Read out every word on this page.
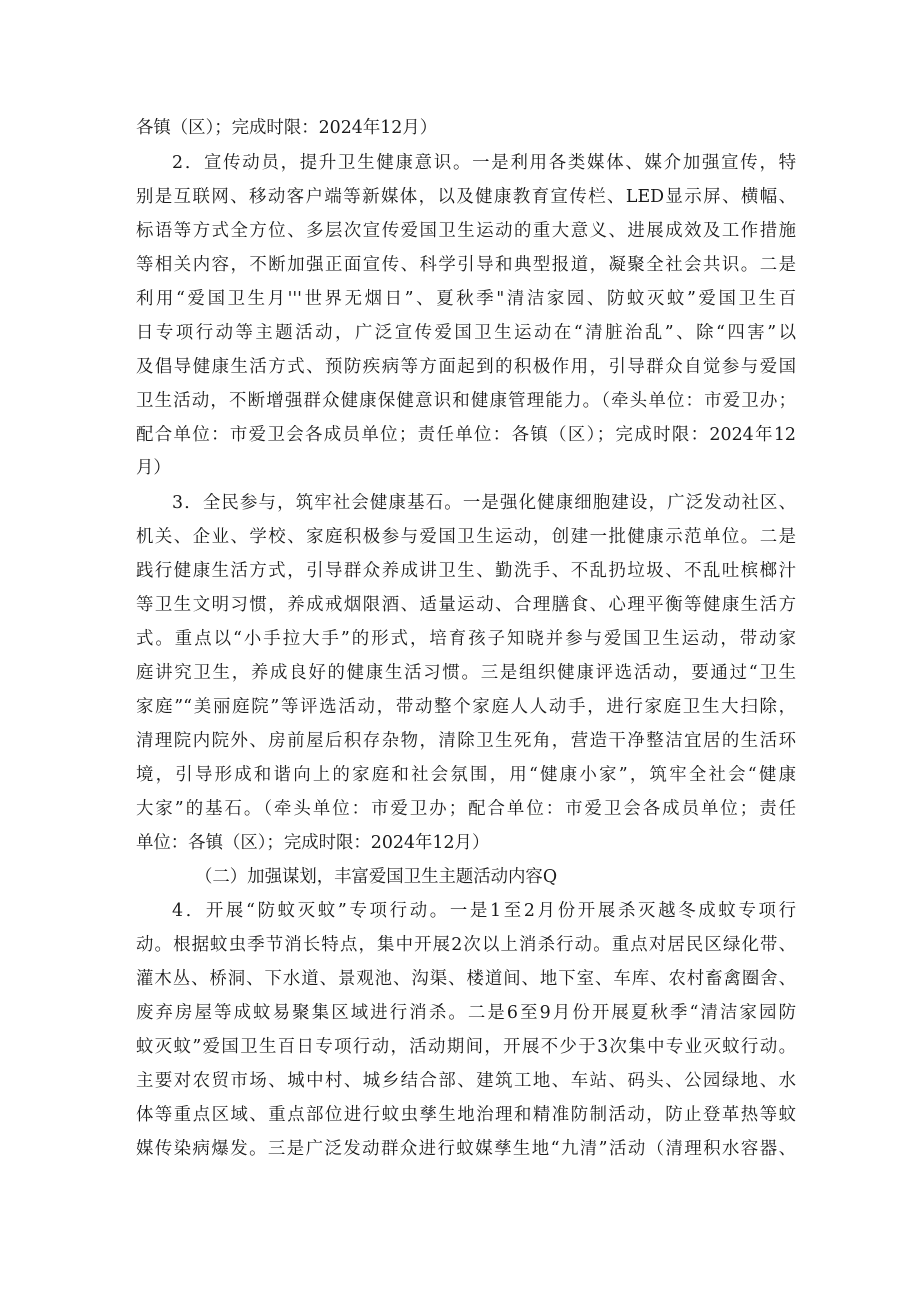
各镇（区）；完成时限：2024年12月）
2．宣传动员，提升卫生健康意识。一是利用各类媒体、媒介加强宣传，特
别是互联网、移动客户端等新媒体，以及健康教育宣传栏、LED显示屏、横幅、
标语等方式全方位、多层次宣传爱国卫生运动的重大意义、进展成效及工作措施
等相关内容，不断加强正面宣传、科学引导和典型报道，凝聚全社会共识。二是
利用“爱国卫生月'''世界无烟日”、夏秋季"清洁家园、防蚊灭蚊”爱国卫生百
日专项行动等主题活动，广泛宣传爱国卫生运动在“清脏治乱”、除“四害”以
及倡导健康生活方式、预防疾病等方面起到的积极作用，引导群众自觉参与爱国
卫生活动，不断增强群众健康保健意识和健康管理能力。（牵头单位：市爱卫办；
配合单位：市爱卫会各成员单位；责任单位：各镇（区）；完成时限：2024年12
月）
3．全民参与，筑牢社会健康基石。一是强化健康细胞建设，广泛发动社区、
机关、企业、学校、家庭积极参与爱国卫生运动，创建一批健康示范单位。二是
践行健康生活方式，引导群众养成讲卫生、勤洗手、不乱扔垃圾、不乱吐槟榔汁
等卫生文明习惯，养成戒烟限酒、适量运动、合理膳食、心理平衡等健康生活方
式。重点以“小手拉大手”的形式，培育孩子知晓并参与爱国卫生运动，带动家
庭讲究卫生，养成良好的健康生活习惯。三是组织健康评选活动，要通过“卫生
家庭”“美丽庭院”等评选活动，带动整个家庭人人动手，进行家庭卫生大扫除，
清理院内院外、房前屋后积存杂物，清除卫生死角，营造干净整洁宜居的生活环
境，引导形成和谐向上的家庭和社会氛围，用“健康小家”，筑牢全社会“健康
大家”的基石。（牵头单位：市爱卫办；配合单位：市爱卫会各成员单位；责任
单位：各镇（区）；完成时限：2024年12月）
（二）加强谋划，丰富爱国卫生主题活动内容Q
4．开展“防蚊灭蚊”专项行动。一是1至2月份开展杀灭越冬成蚊专项行
动。根据蚊虫季节消长特点，集中开展2次以上消杀行动。重点对居民区绿化带、
灌木丛、桥洞、下水道、景观池、沟渠、楼道间、地下室、车库、农村畜禽圈舍、
废弃房屋等成蚊易聚集区域进行消杀。二是6至9月份开展夏秋季“清洁家园防
蚊灭蚊”爱国卫生百日专项行动，活动期间，开展不少于3次集中专业灭蚊行动。
主要对农贸市场、城中村、城乡结合部、建筑工地、车站、码头、公园绿地、水
体等重点区域、重点部位进行蚊虫孳生地治理和精准防制活动，防止登革热等蚊
媒传染病爆发。三是广泛发动群众进行蚊媒孳生地“九清”活动（清理积水容器、
